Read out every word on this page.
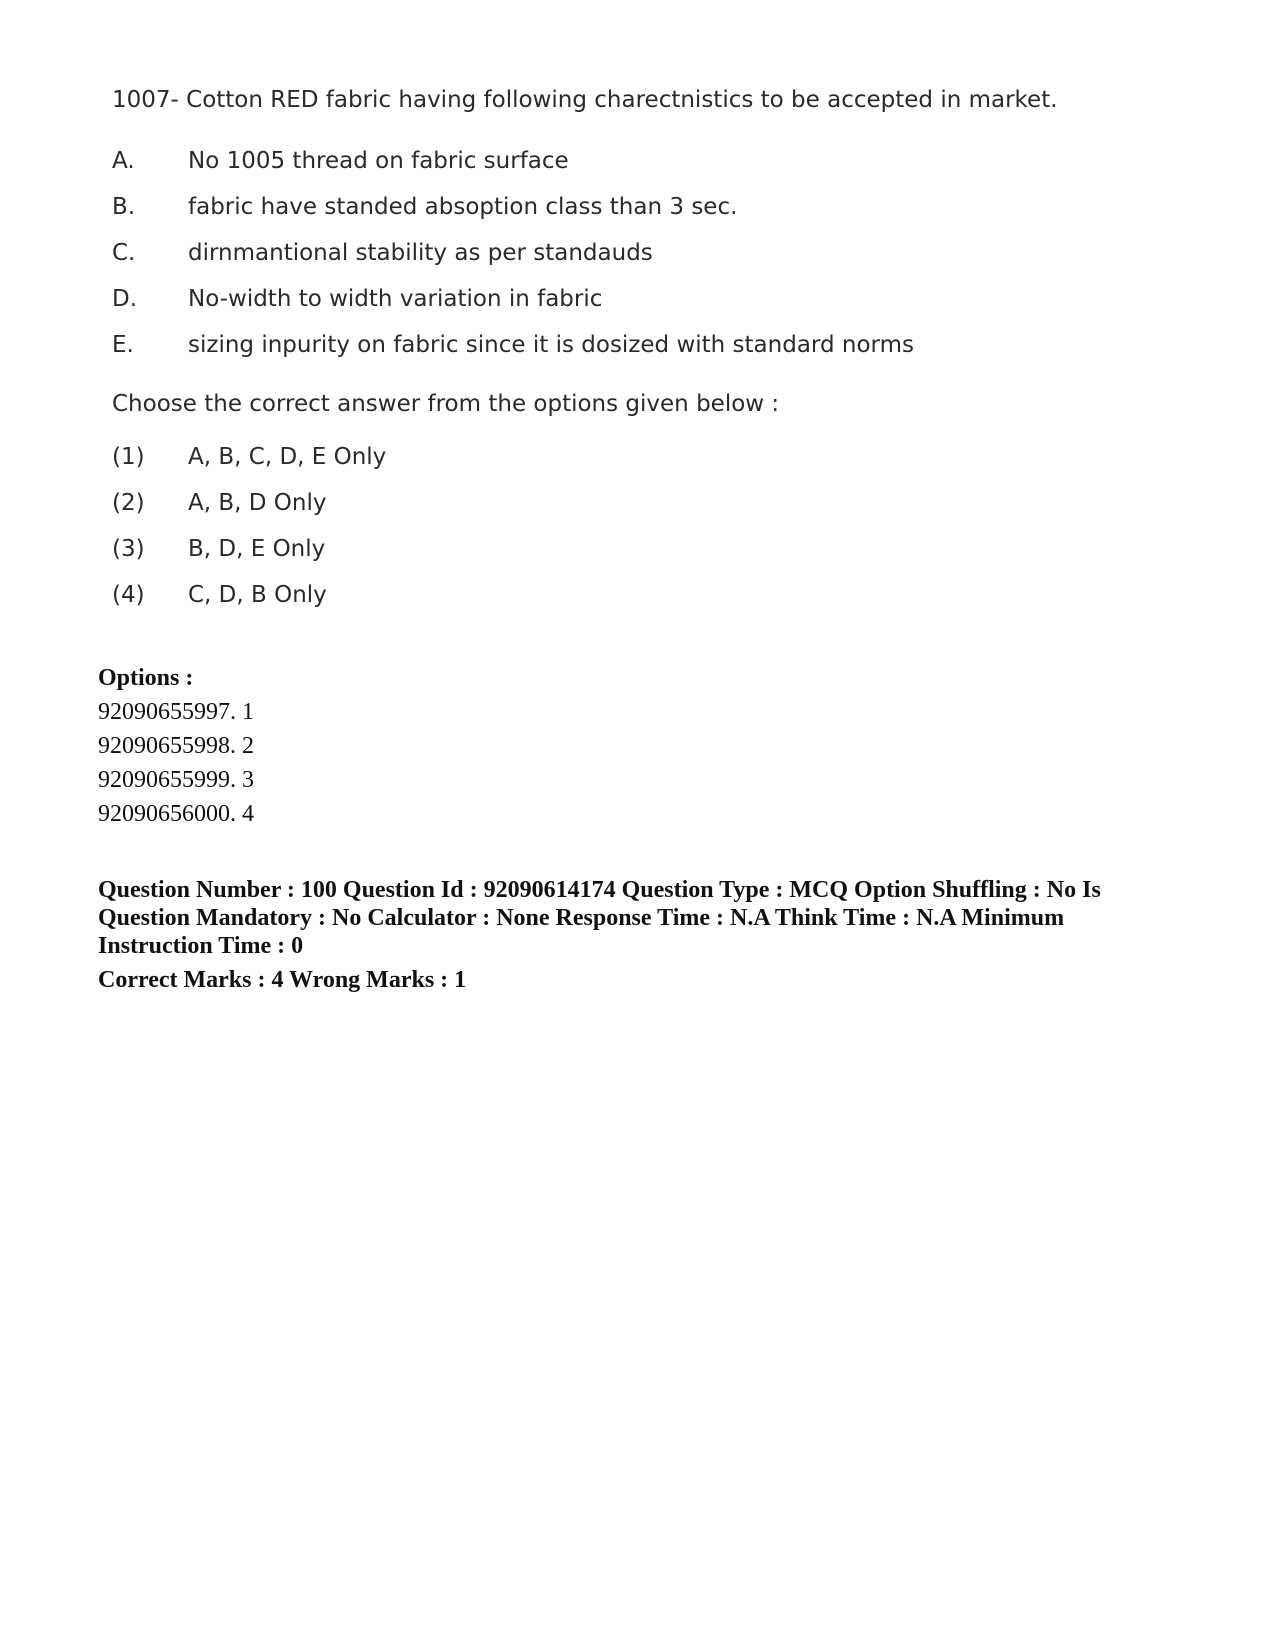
1007- Cotton RED fabric having following charectnistics to be accepted in market.
A.	No 1005 thread on fabric surface
B.	fabric have standed absoption class than 3 sec.
C.	dirnmantional stability as per standauds
D.	No-width to width variation in fabric
E.	sizing inpurity on fabric since it is dosized with standard norms
Choose the correct answer from the options given below :
(1)	A, B, C, D, E Only
(2)	A, B, D Only
(3)	B, D, E Only
(4)	C, D, B Only
Options :
92090655997. 1
92090655998. 2
92090655999. 3
92090656000. 4
Question Number : 100 Question Id : 92090614174 Question Type : MCQ Option Shuffling : No Is Question Mandatory : No Calculator : None Response Time : N.A Think Time : N.A Minimum Instruction Time : 0
Correct Marks : 4 Wrong Marks : 1
